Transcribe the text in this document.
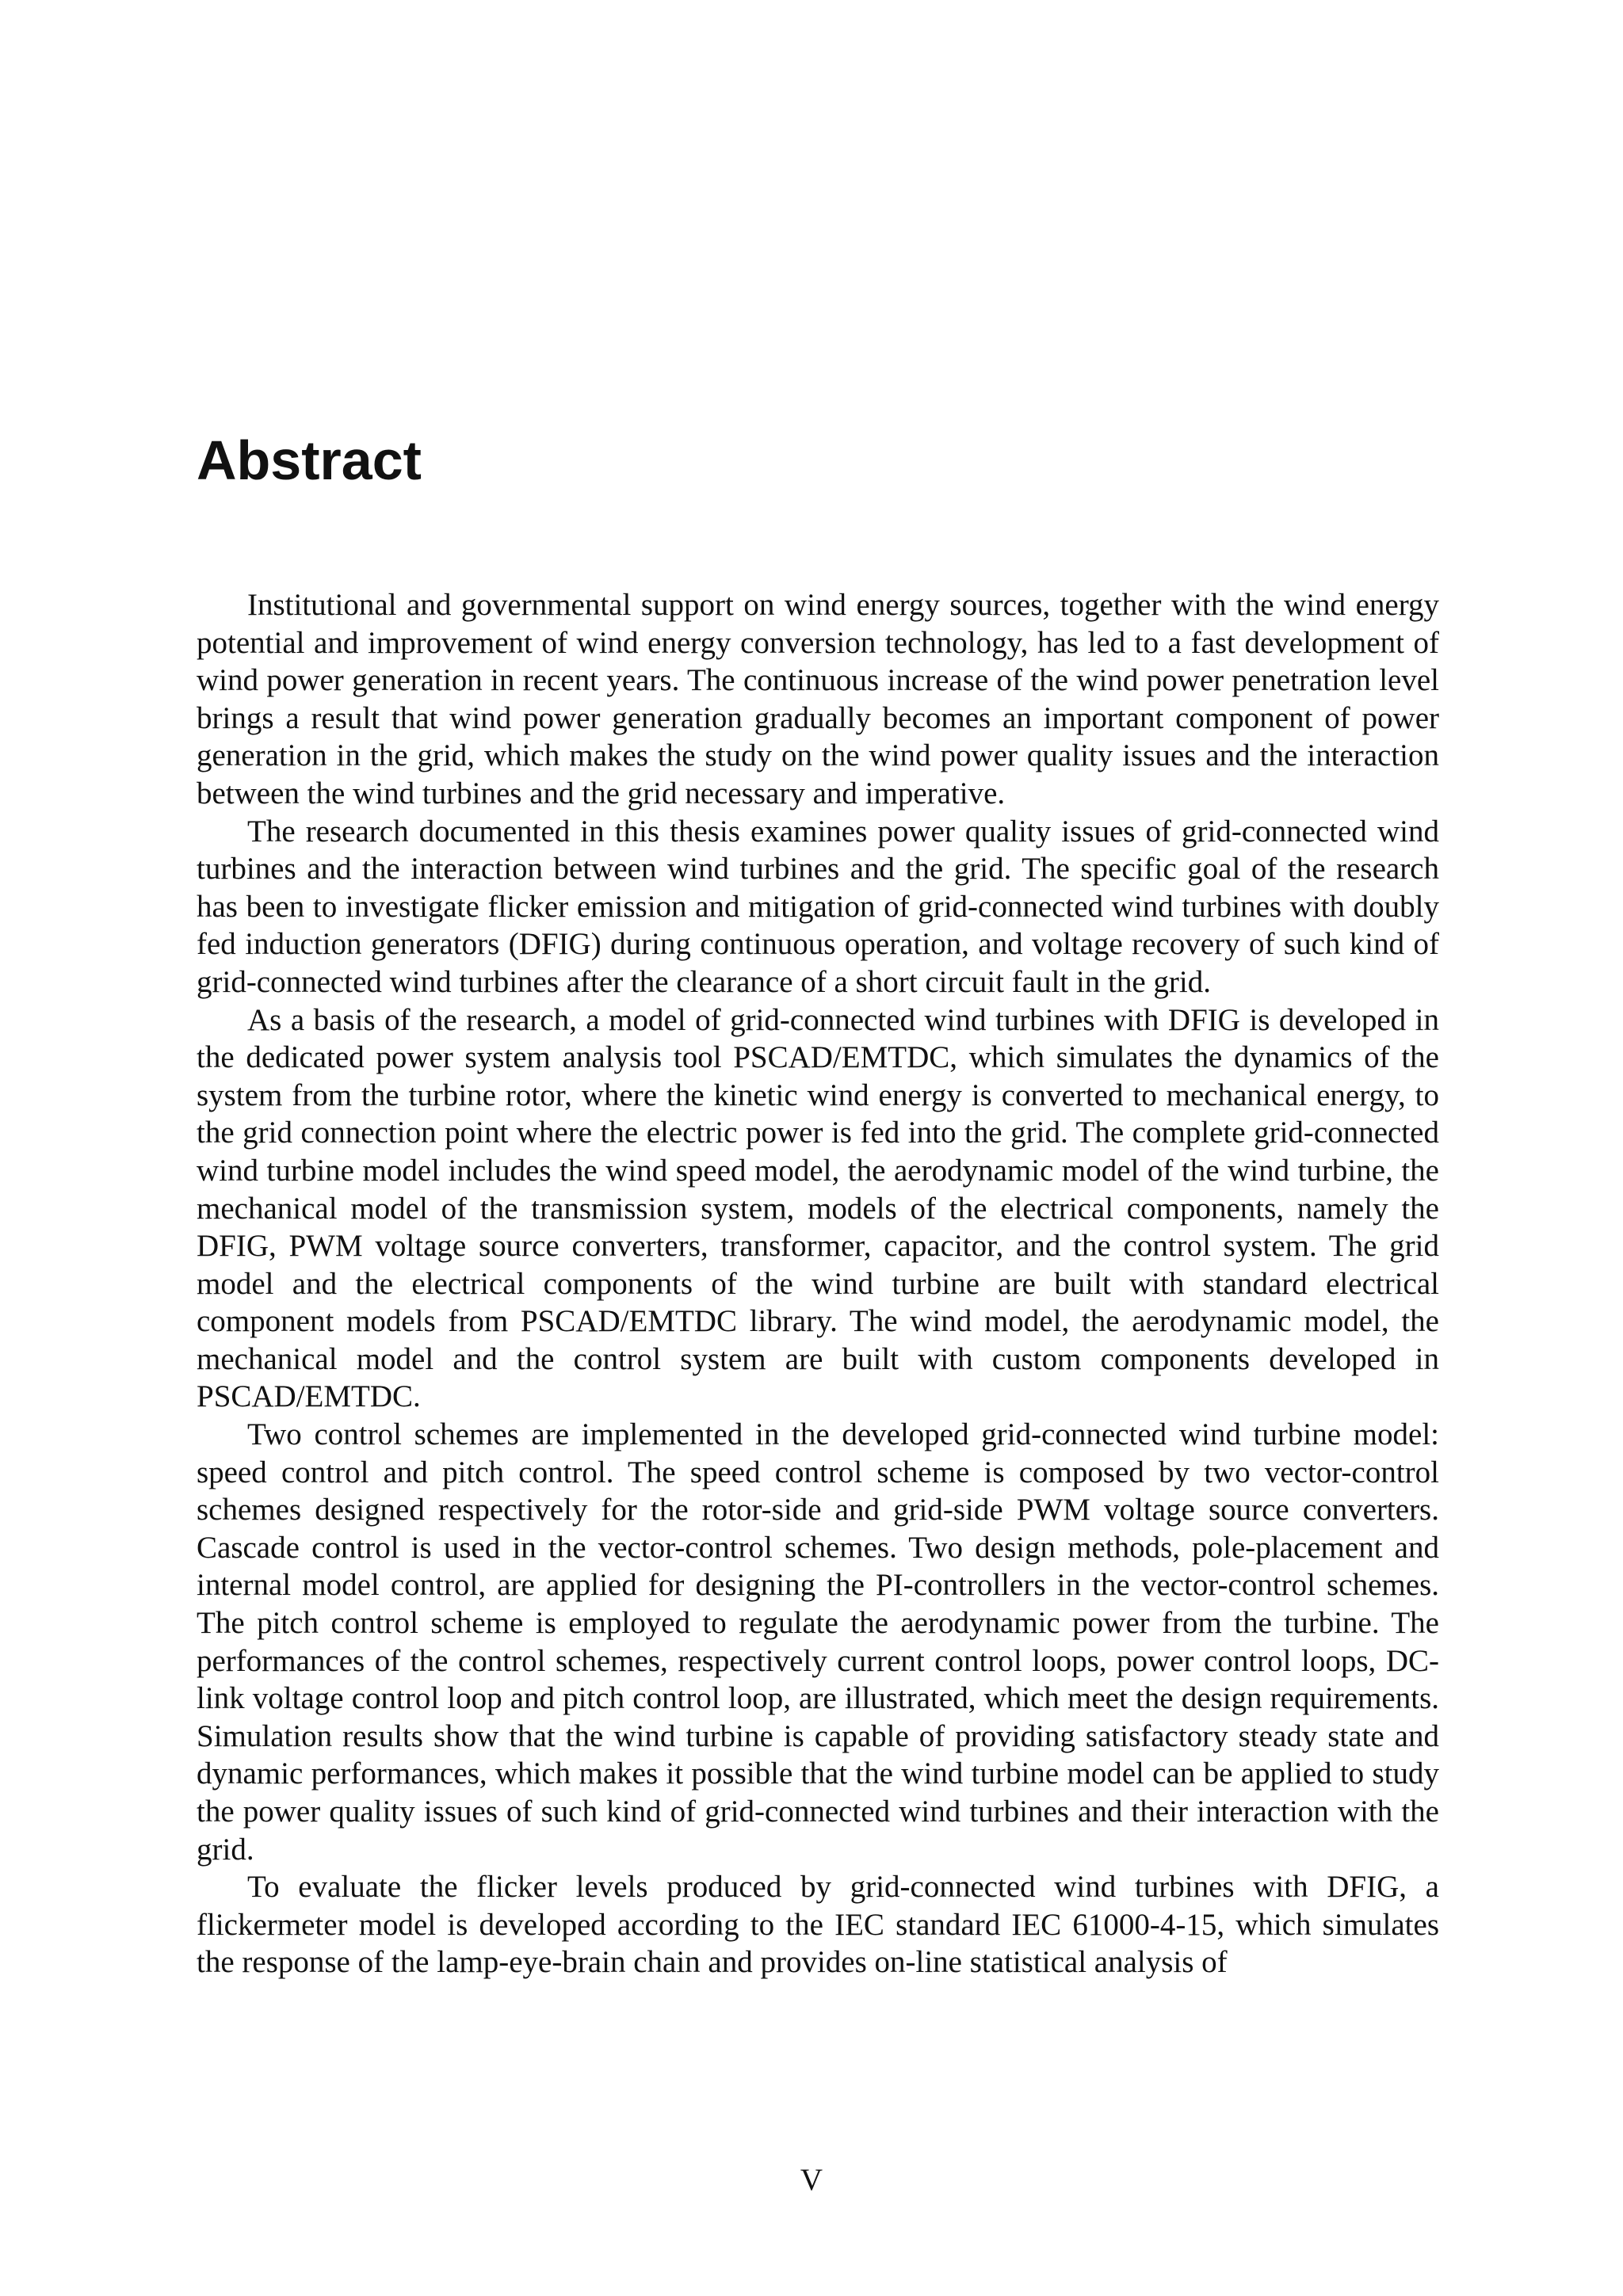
Abstract

Institutional and governmental support on wind energy sources, together with the wind energy potential and improvement of wind energy conversion technology, has led to a fast development of wind power generation in recent years. The continuous increase of the wind power penetration level brings a result that wind power generation gradually becomes an important component of power generation in the grid, which makes the study on the wind power quality issues and the interaction between the wind turbines and the grid necessary and imperative.

The research documented in this thesis examines power quality issues of grid-connected wind turbines and the interaction between wind turbines and the grid. The specific goal of the research has been to investigate flicker emission and mitigation of grid-connected wind turbines with doubly fed induction generators (DFIG) during continuous operation, and voltage recovery of such kind of grid-connected wind turbines after the clearance of a short circuit fault in the grid.

As a basis of the research, a model of grid-connected wind turbines with DFIG is developed in the dedicated power system analysis tool PSCAD/EMTDC, which simulates the dynamics of the system from the turbine rotor, where the kinetic wind energy is converted to mechanical energy, to the grid connection point where the electric power is fed into the grid. The complete grid-connected wind turbine model includes the wind speed model, the aerodynamic model of the wind turbine, the mechanical model of the transmission system, models of the electrical components, namely the DFIG, PWM voltage source converters, transformer, capacitor, and the control system. The grid model and the electrical components of the wind turbine are built with standard electrical component models from PSCAD/EMTDC library. The wind model, the aerodynamic model, the mechanical model and the control system are built with custom components developed in PSCAD/EMTDC.

Two control schemes are implemented in the developed grid-connected wind turbine model: speed control and pitch control. The speed control scheme is composed by two vector-control schemes designed respectively for the rotor-side and grid-side PWM voltage source converters. Cascade control is used in the vector-control schemes. Two design methods, pole-placement and internal model control, are applied for designing the PI-controllers in the vector-control schemes. The pitch control scheme is employed to regulate the aerodynamic power from the turbine. The performances of the control schemes, respectively current control loops, power control loops, DC-link voltage control loop and pitch control loop, are illustrated, which meet the design requirements. Simulation results show that the wind turbine is capable of providing satisfactory steady state and dynamic performances, which makes it possible that the wind turbine model can be applied to study the power quality issues of such kind of grid-connected wind turbines and their interaction with the grid.

To evaluate the flicker levels produced by grid-connected wind turbines with DFIG, a flickermeter model is developed according to the IEC standard IEC 61000-4-15, which simulates the response of the lamp-eye-brain chain and provides on-line statistical analysis of

V
